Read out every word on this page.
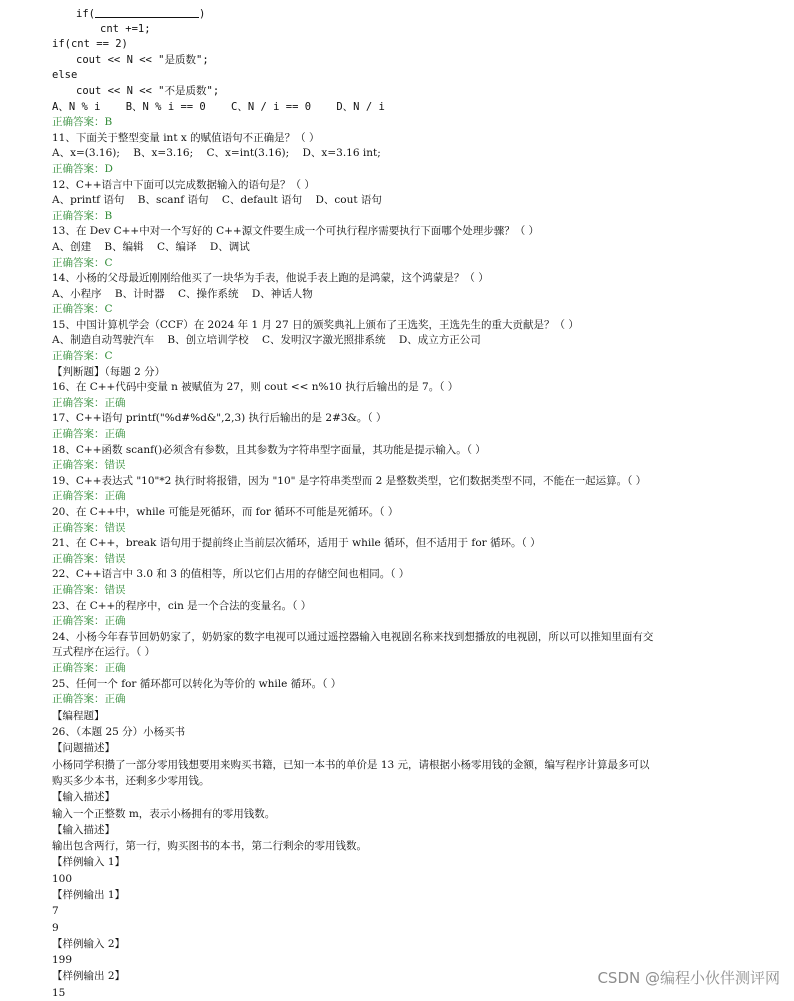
if(	)
cnt +=1;
if(cnt == 2)
cout << N << "是质数";
else
cout << N << "不是质数";
A、N % i    B、N % i == 0    C、N / i == 0    D、N / i
正确答案：B
11、下面关于整型变量 int x 的赋值语句不正确是？（ ）
A、x=(3.16);    B、x=3.16;    C、x=int(3.16);    D、x=3.16 int;
正确答案：D
12、C++语言中下面可以完成数据输入的语句是？（ ）
A、printf 语句    B、scanf 语句    C、default 语句    D、cout 语句
正确答案：B
13、在 Dev C++中对一个写好的 C++源文件要生成一个可执行程序需要执行下面哪个处理步骤？（ ）
A、创建    B、编辑    C、编译    D、调试
正确答案：C
14、小杨的父母最近刚刚给他买了一块华为手表，他说手表上跑的是鸿蒙，这个鸿蒙是？（ ）
A、小程序    B、计时器    C、操作系统    D、神话人物
正确答案：C
15、中国计算机学会（CCF）在 2024 年 1 月 27 日的颁奖典礼上颁布了王选奖，王选先生的重大贡献是？（ ）
A、制造自动驾驶汽车    B、创立培训学校    C、发明汉字激光照排系统    D、成立方正公司
正确答案：C
【判断题】（每题 2 分）
16、在 C++代码中变量 n 被赋值为 27，则 cout << n%10 执行后输出的是 7。（ ）
正确答案：正确
17、C++语句 printf("%d#%d&",2,3) 执行后输出的是 2#3&。（ ）
正确答案：正确
18、C++函数 scanf()必须含有参数，且其参数为字符串型字面量，其功能是提示输入。（ ）
正确答案：错误
19、C++表达式 "10"*2 执行时将报错，因为 "10" 是字符串类型而 2 是整数类型，它们数据类型不同，不能在一起运算。（ ）
正确答案：正确
20、在 C++中，while 可能是死循环，而 for 循环不可能是死循环。（ ）
正确答案：错误
21、在 C++，break 语句用于提前终止当前层次循环，适用于 while 循环，但不适用于 for 循环。（ ）
正确答案：错误
22、C++语言中 3.0 和 3 的值相等，所以它们占用的存储空间也相同。（ ）
正确答案：错误
23、在 C++的程序中，cin 是一个合法的变量名。（ ）
正确答案：正确
24、小杨今年春节回奶奶家了，奶奶家的数字电视可以通过遥控器输入电视剧名称来找到想播放的电视剧，所以可以推知里面有交
互式程序在运行。（ ）
正确答案：正确
25、任何一个 for 循环都可以转化为等价的 while 循环。（ ）
正确答案：正确
【编程题】
26、（本题 25 分）小杨买书
【问题描述】
小杨同学积攒了一部分零用钱想要用来购买书籍，已知一本书的单价是 13 元，请根据小杨零用钱的金额，编写程序计算最多可以
购买多少本书，还剩多少零用钱。
【输入描述】
输入一个正整数 m，表示小杨拥有的零用钱数。
【输入描述】
输出包含两行，第一行，购买图书的本书，第二行剩余的零用钱数。
【样例输入 1】
100
【样例输出 1】
7
9
【样例输入 2】
199
【样例输出 2】
15
CSDN @编程小伙伴测评网
